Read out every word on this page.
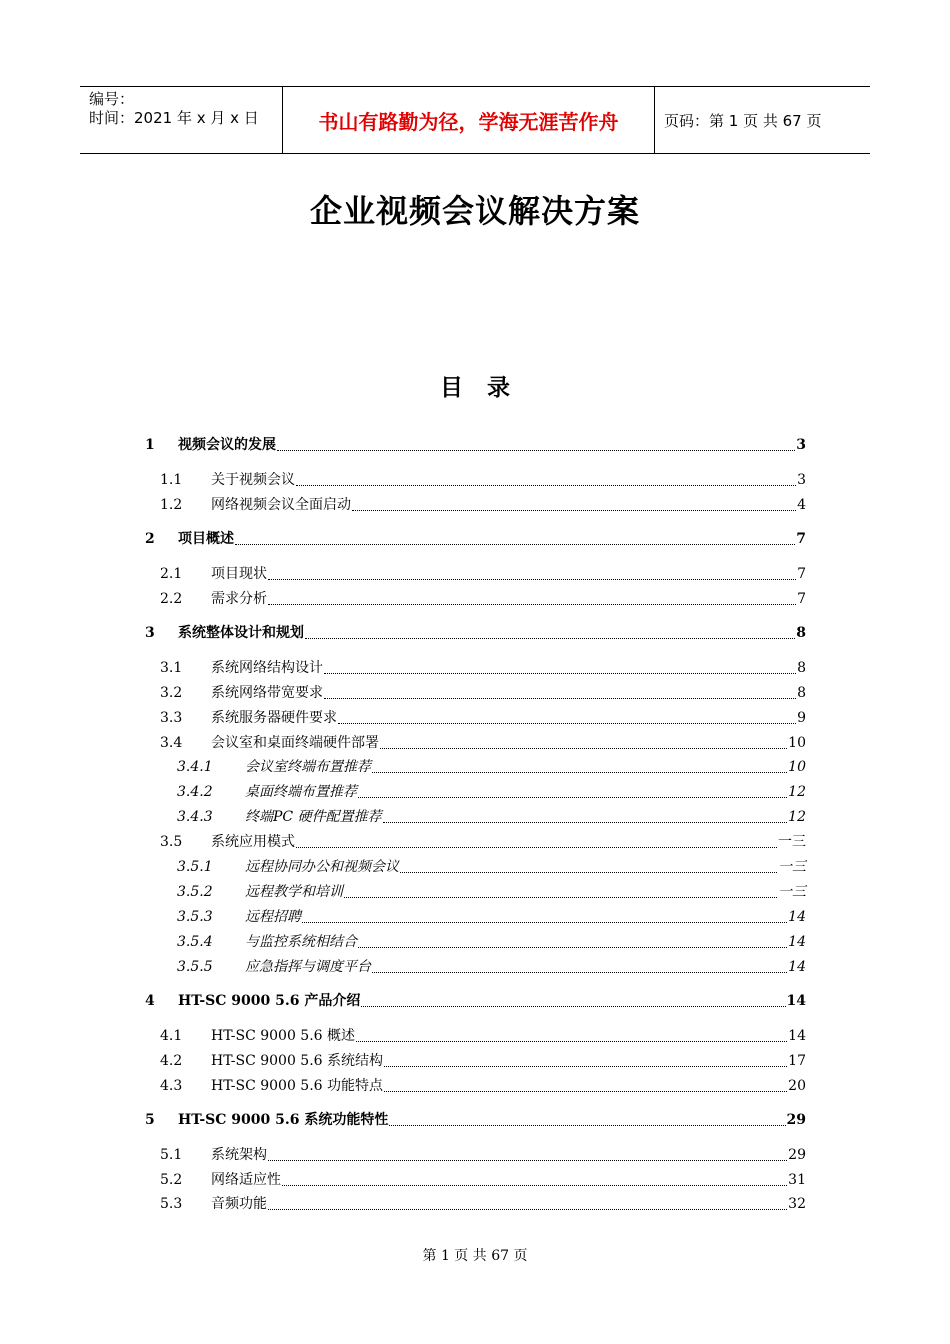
编号：
时间：2021 年 x 月 x 日	书山有路勤为径，学海无涯苦作舟	页码：第 1 页 共 67 页
企业视频会议解决方案
目录
1	视频会议的发展	3
1.1	关于视频会议	3
1.2	网络视频会议全面启动	4
2	项目概述	7
2.1	项目现状	7
2.2	需求分析	7
3	系统整体设计和规划	8
3.1	系统网络结构设计	8
3.2	系统网络带宽要求	8
3.3	系统服务器硬件要求	9
3.4	会议室和桌面终端硬件部署	10
3.4.1	会议室终端布置推荐	10
3.4.2	桌面终端布置推荐	12
3.4.3	终端PC 硬件配置推荐	12
3.5	系统应用模式	一三
3.5.1	远程协同办公和视频会议	一三
3.5.2	远程教学和培训	一三
3.5.3	远程招聘	14
3.5.4	与监控系统相结合	14
3.5.5	应急指挥与调度平台	14
4	HT-SC 9000 5.6 产品介绍	14
4.1	HT-SC 9000 5.6 概述	14
4.2	HT-SC 9000 5.6 系统结构	17
4.3	HT-SC 9000 5.6 功能特点	20
5	HT-SC 9000 5.6 系统功能特性	29
5.1	系统架构	29
5.2	网络适应性	31
5.3	音频功能	32
第 1 页 共 67 页
